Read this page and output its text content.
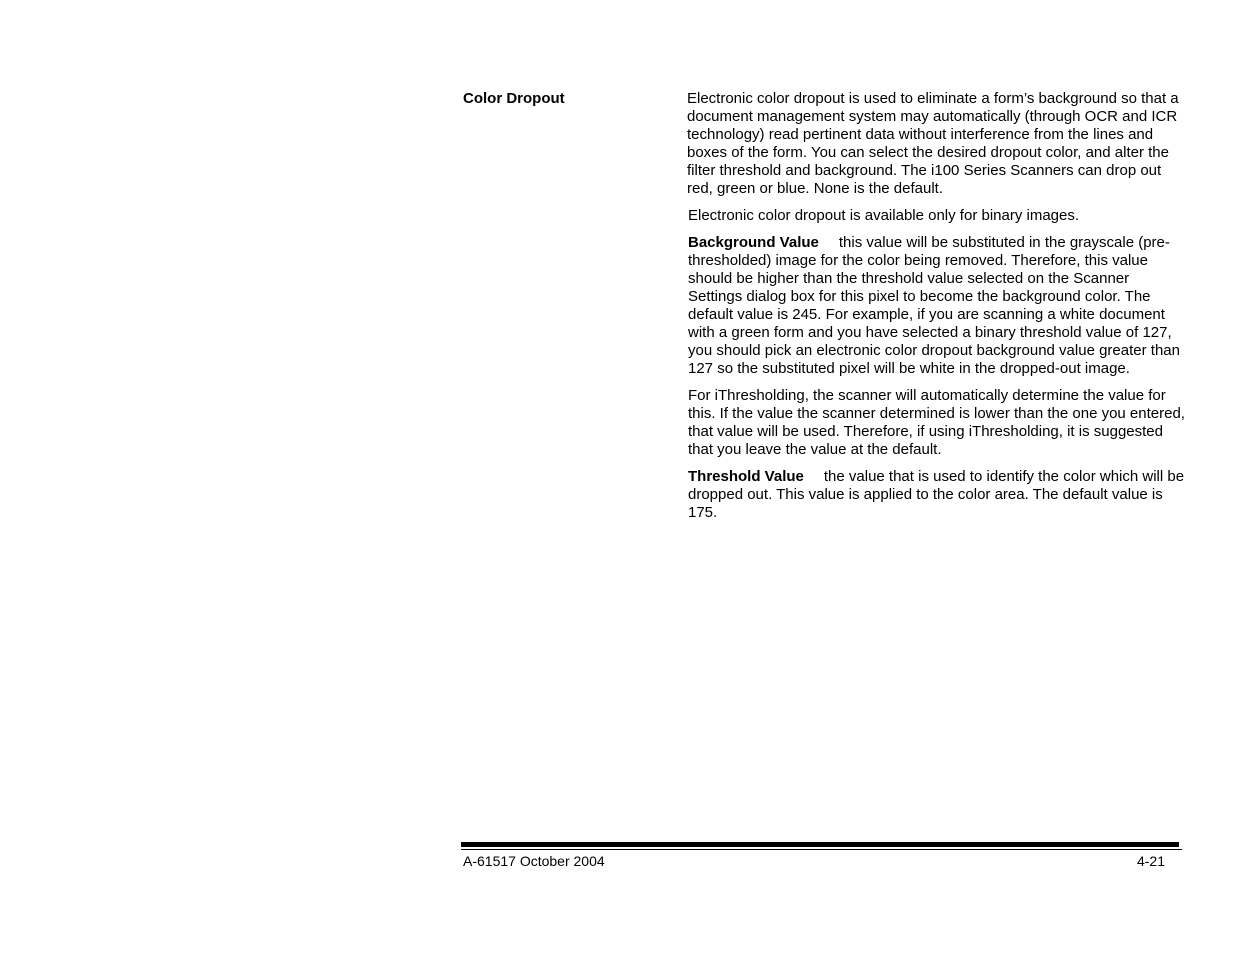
Color Dropout	Electronic color dropout is used to eliminate a form’s background so that a document management system may automatically (through OCR and ICR technology) read pertinent data without interference from the lines and boxes of the form. You can select the desired dropout color, and alter the filter threshold and background. The i100 Series Scanners can drop out red, green or blue. None is the default.

Electronic color dropout is available only for binary images.

Background Value this value will be substituted in the grayscale (pre-thresholded) image for the color being removed. Therefore, this value should be higher than the threshold value selected on the Scanner Settings dialog box for this pixel to become the background color. The default value is 245. For example, if you are scanning a white document with a green form and you have selected a binary threshold value of 127, you should pick an electronic color dropout background value greater than 127 so the substituted pixel will be white in the dropped-out image.

For iThresholding, the scanner will automatically determine the value for this. If the value the scanner determined is lower than the one you entered, that value will be used. Therefore, if using iThresholding, it is suggested that you leave the value at the default.

Threshold Value the value that is used to identify the color which will be dropped out. This value is applied to the color area. The default value is 175.

A-61517 October 2004	4-21
